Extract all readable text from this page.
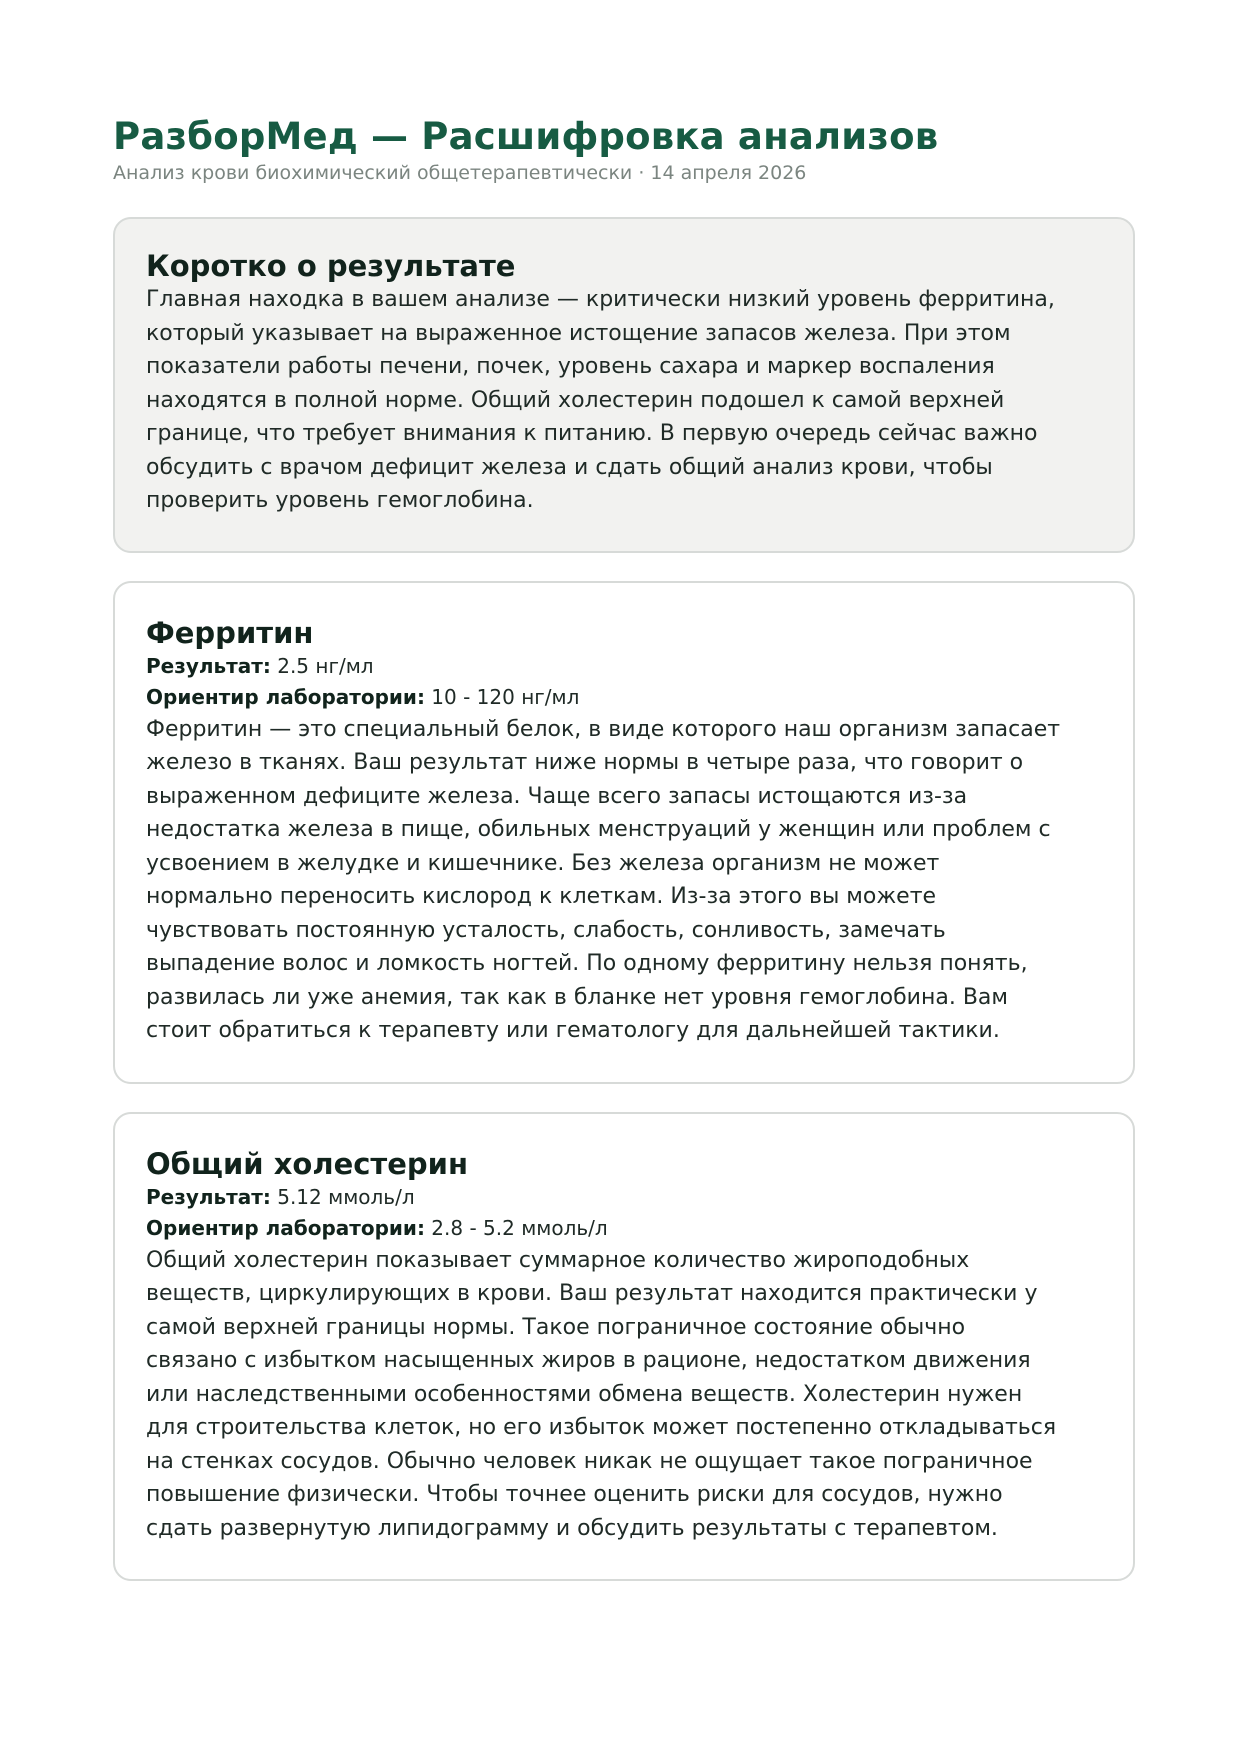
РазборМед — Расшифровка анализов

Анализ крови биохимический общетерапевтически · 14 апреля 2026

Коротко о результате

Главная находка в вашем анализе — критически низкий уровень ферритина,
который указывает на выраженное истощение запасов железа. При этом
показатели работы печени, почек, уровень сахара и маркер воспаления
находятся в полной норме. Общий холестерин подошел к самой верхней
границе, что требует внимания к питанию. В первую очередь сейчас важно
обсудить с врачом дефицит железа и сдать общий анализ крови, чтобы
проверить уровень гемоглобина.

Ферритин

Результат: 2.5 нг/мл

Ориентир лаборатории: 10 - 120 нг/мл

Ферритин — это специальный белок, в виде которого наш организм запасает
железо в тканях. Ваш результат ниже нормы в четыре раза, что говорит о
выраженном дефиците железа. Чаще всего запасы истощаются из-за
недостатка железа в пище, обильных менструаций у женщин или проблем с
усвоением в желудке и кишечнике. Без железа организм не может
нормально переносить кислород к клеткам. Из-за этого вы можете
чувствовать постоянную усталость, слабость, сонливость, замечать
выпадение волос и ломкость ногтей. По одному ферритину нельзя понять,
развилась ли уже анемия, так как в бланке нет уровня гемоглобина. Вам
стоит обратиться к терапевту или гематологу для дальнейшей тактики.

Общий холестерин

Результат: 5.12 ммоль/л

Ориентир лаборатории: 2.8 - 5.2 ммоль/л

Общий холестерин показывает суммарное количество жироподобных
веществ, циркулирующих в крови. Ваш результат находится практически у
самой верхней границы нормы. Такое пограничное состояние обычно
связано с избытком насыщенных жиров в рационе, недостатком движения
или наследственными особенностями обмена веществ. Холестерин нужен
для строительства клеток, но его избыток может постепенно откладываться
на стенках сосудов. Обычно человек никак не ощущает такое пограничное
повышение физически. Чтобы точнее оценить риски для сосудов, нужно
сдать развернутую липидограмму и обсудить результаты с терапевтом.
